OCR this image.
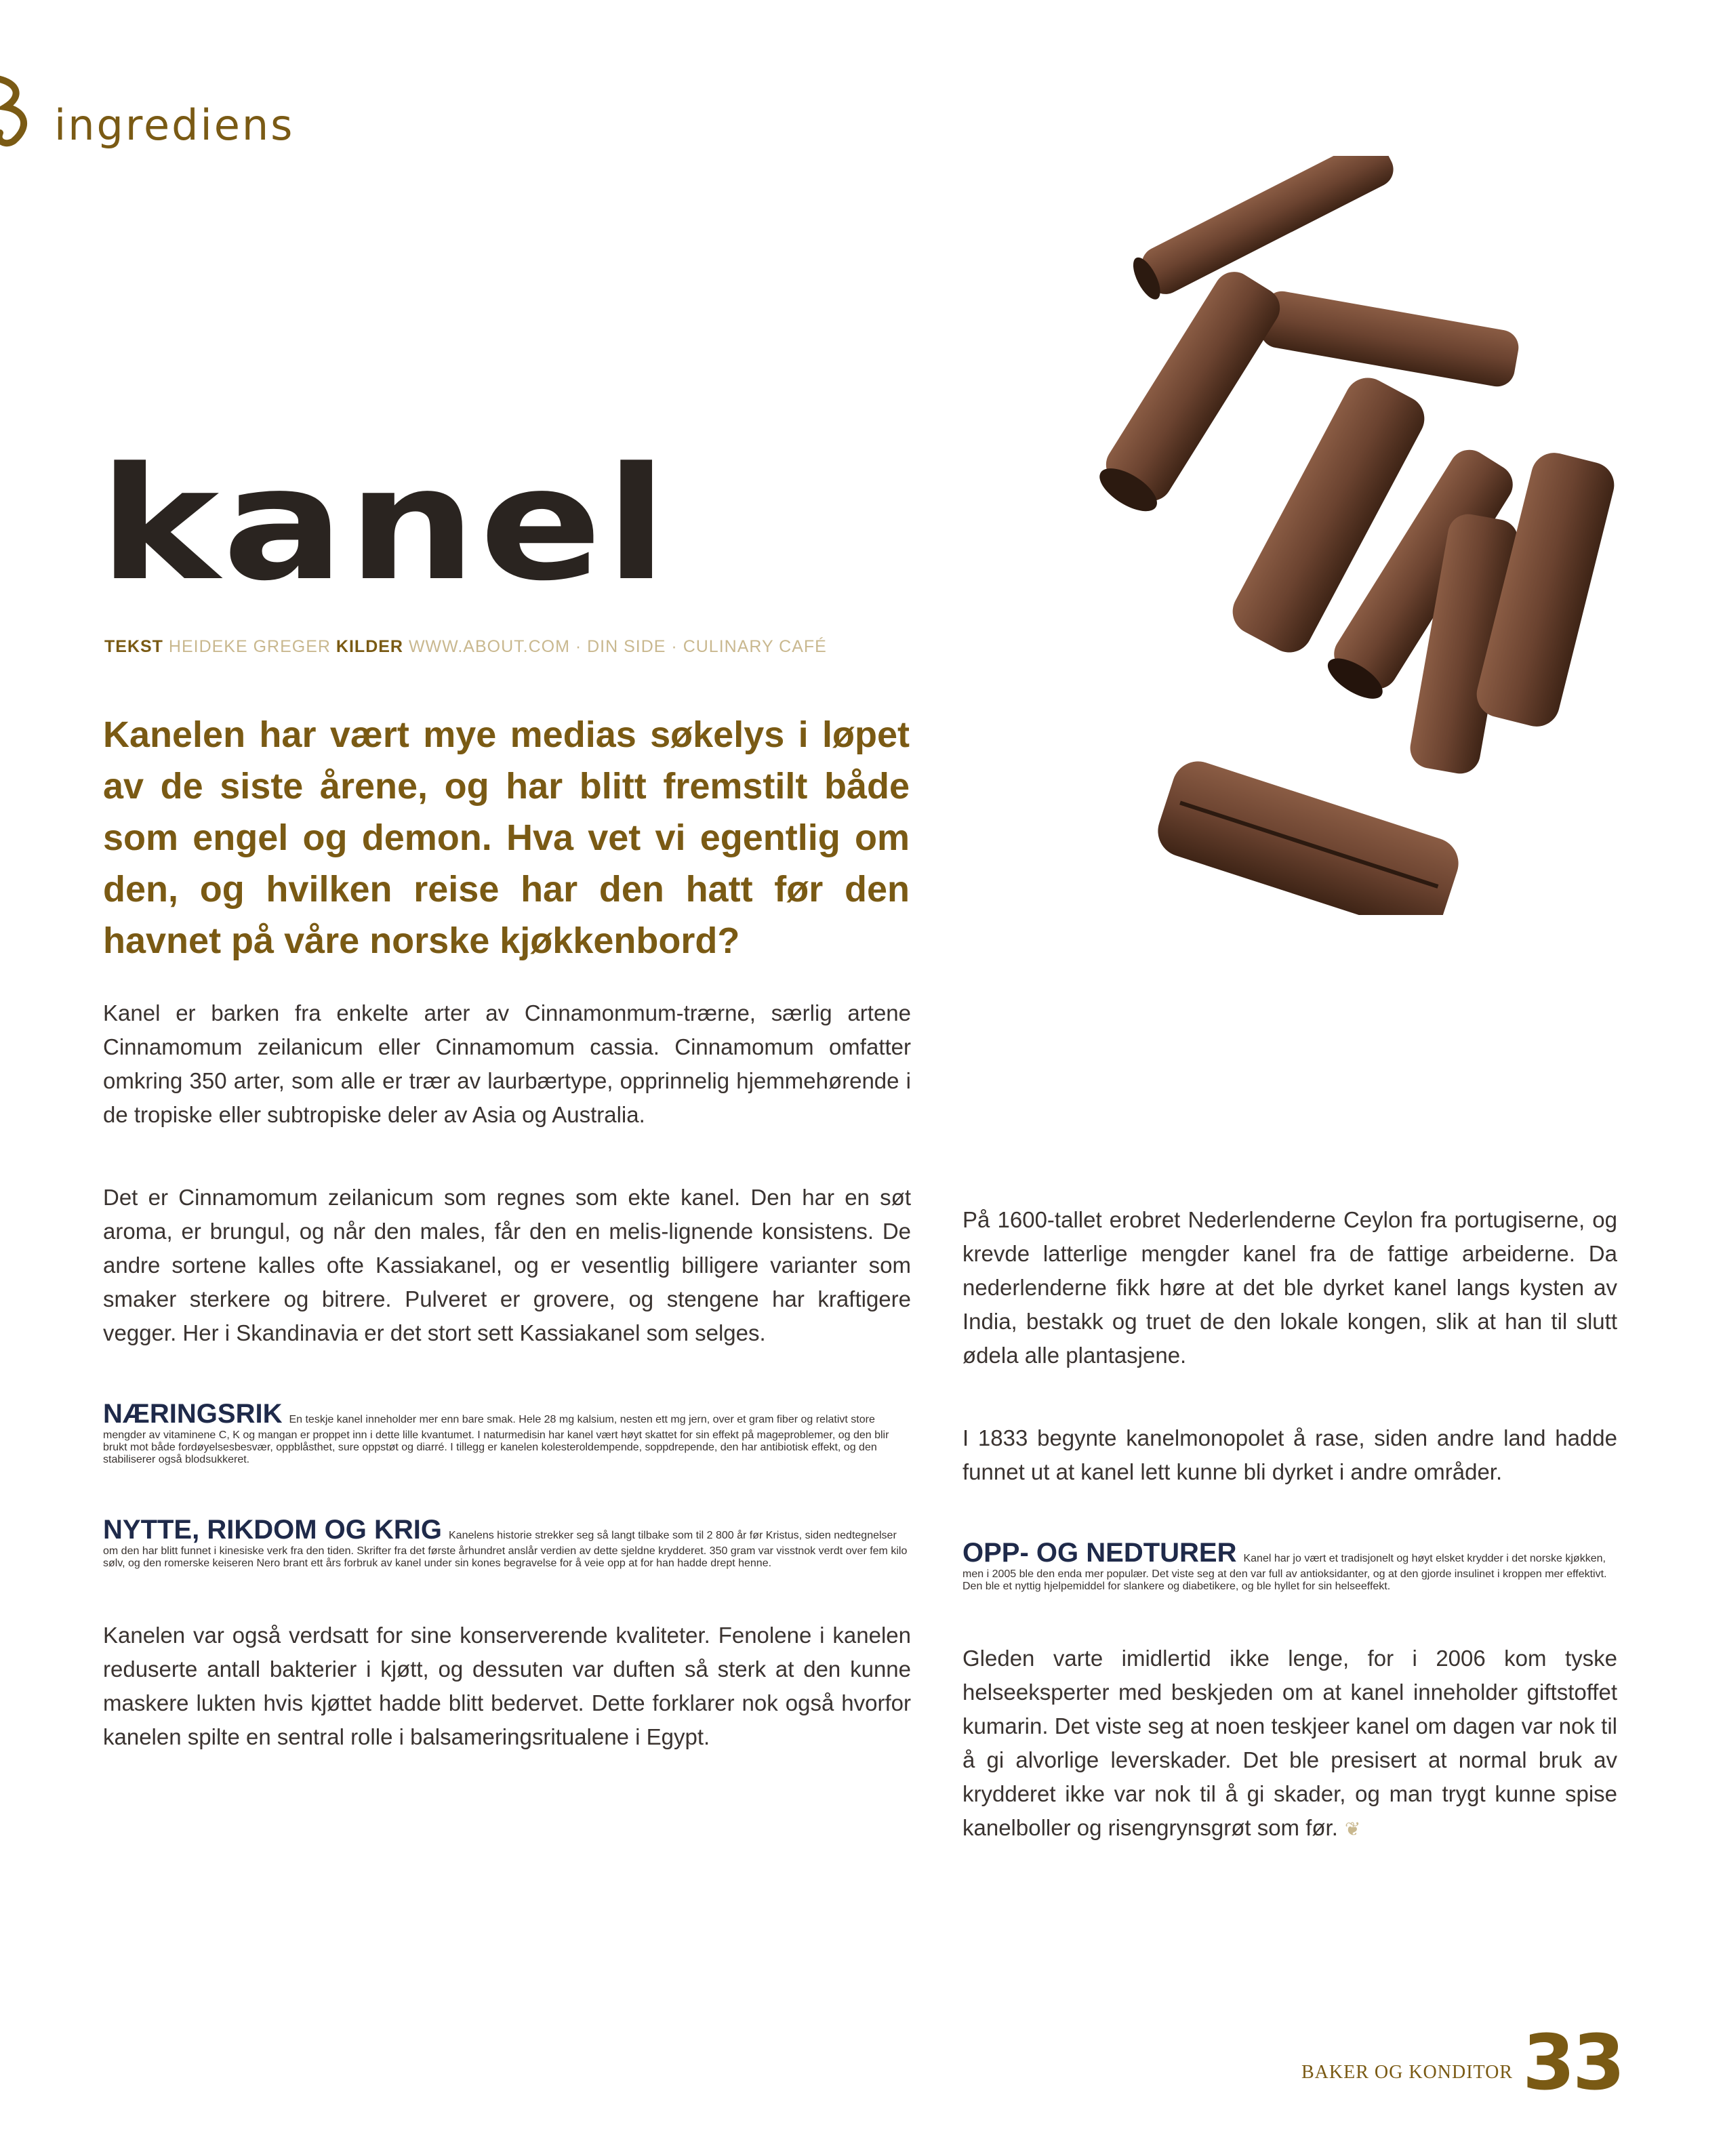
ingrediens
kanel
TEKST HEIDEKE GREGER KILDER WWW.ABOUT.COM · DIN SIDE · CULINARY CAFÉ

Kanelen har vært mye medias søkelys i løpet av de siste årene, og har blitt fremstilt både som engel og demon. Hva vet vi egentlig om den, og hvilken reise har den hatt før den havnet på våre norske kjøkkenbord?

Kanel er barken fra enkelte arter av Cinnamonmum-trærne, særlig artene Cinnamomum zeilanicum eller Cinnamomum cassia. Cinnamomum omfatter omkring 350 arter, som alle er trær av laurbærtype, opprinnelig hjemmehørende i de tropiske eller subtropiske deler av Asia og Australia.

Det er Cinnamomum zeilanicum som regnes som ekte kanel. Den har en søt aroma, er brungul, og når den males, får den en melis-lignende konsistens. De andre sortene kalles ofte Kassiakanel, og er vesentlig billigere varianter som smaker sterkere og bitrere. Pulveret er grovere, og stengene har kraftigere vegger. Her i Skandinavia er det stort sett Kassiakanel som selges.

NÆRINGSRIK En teskje kanel inneholder mer enn bare smak. Hele 28 mg kalsium, nesten ett mg jern, over et gram fiber og relativt store mengder av vitaminene C, K og mangan er proppet inn i dette lille kvantumet. I naturmedisin har kanel vært høyt skattet for sin effekt på mageproblemer, og den blir brukt mot både fordøyelsesbesvær, oppblåsthet, sure oppstøt og diarré. I tillegg er kanelen kolesteroldempende, soppdrepende, den har antibiotisk effekt, og den stabiliserer også blodsukkeret.

NYTTE, RIKDOM OG KRIG Kanelens historie strekker seg så langt tilbake som til 2 800 år før Kristus, siden nedtegnelser om den har blitt funnet i kinesiske verk fra den tiden. Skrifter fra det første århundret anslår verdien av dette sjeldne krydderet. 350 gram var visstnok verdt over fem kilo sølv, og den romerske keiseren Nero brant ett års forbruk av kanel under sin kones begravelse for å veie opp at for han hadde drept henne.

Kanelen var også verdsatt for sine konserverende kvaliteter. Fenolene i kanelen reduserte antall bakterier i kjøtt, og dessuten var duften så sterk at den kunne maskere lukten hvis kjøttet hadde blitt bedervet. Dette forklarer nok også hvorfor kanelen spilte en sentral rolle i balsameringsritualene i Egypt.

På 1600-tallet erobret Nederlenderne Ceylon fra portugiserne, og krevde latterlige mengder kanel fra de fattige arbeiderne. Da nederlenderne fikk høre at det ble dyrket kanel langs kysten av India, bestakk og truet de den lokale kongen, slik at han til slutt ødela alle plantasjene.

I 1833 begynte kanelmonopolet å rase, siden andre land hadde funnet ut at kanel lett kunne bli dyrket i andre områder.

OPP- OG NEDTURER Kanel har jo vært et tradisjonelt og høyt elsket krydder i det norske kjøkken, men i 2005 ble den enda mer populær. Det viste seg at den var full av antioksidanter, og at den gjorde insulinet i kroppen mer effektivt. Den ble et nyttig hjelpemiddel for slankere og diabetikere, og ble hyllet for sin helseeffekt.

Gleden varte imidlertid ikke lenge, for i 2006 kom tyske helseeksperter med beskjeden om at kanel inneholder giftstoffet kumarin. Det viste seg at noen teskjeer kanel om dagen var nok til å gi alvorlige leverskader. Det ble presisert at normal bruk av krydderet ikke var nok til å gi skader, og man trygt kunne spise kanelboller og risengrynsgrøt som før. ❦

BAKER OG KONDITOR 33
